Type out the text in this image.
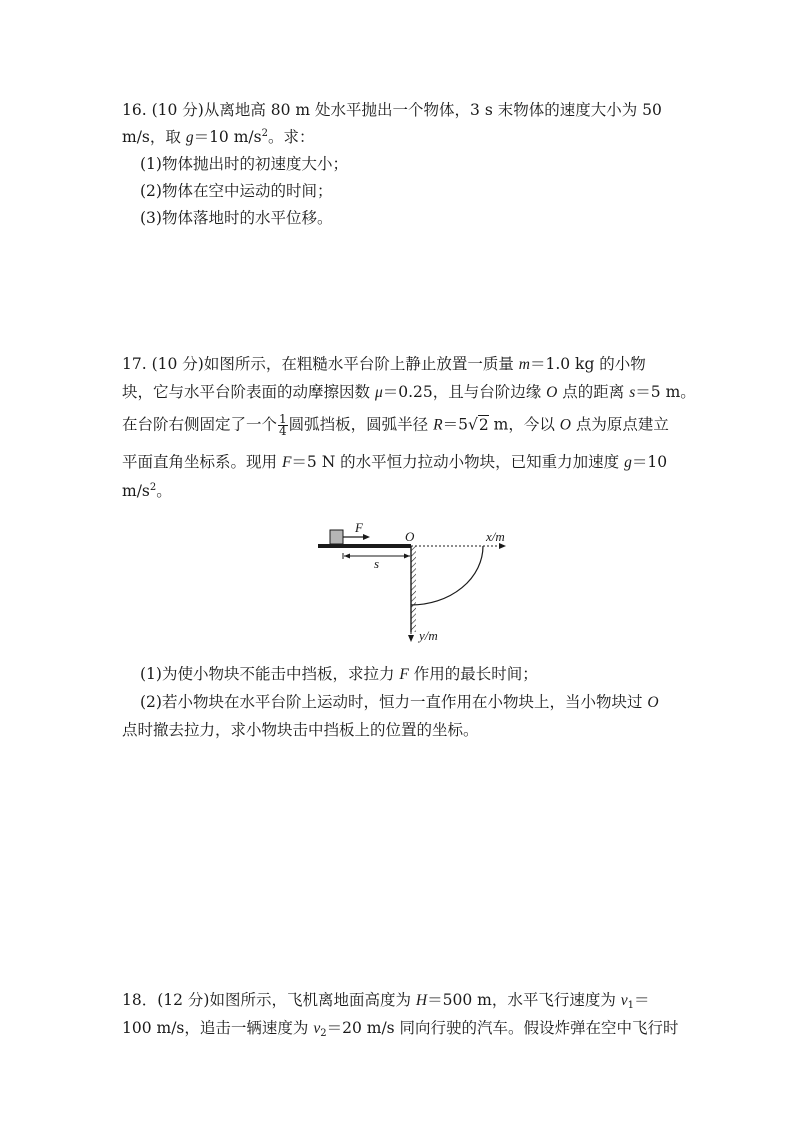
16. (10 分)从离地高 80 m 处水平抛出一个物体，3 s 末物体的速度大小为 50
m/s，取 g＝10 $m/s^2$。求：
(1)物体抛出时的初速度大小；
(2)物体在空中运动的时间；
(3)物体落地时的水平位移。
17. (10 分)如图所示，在粗糙水平台阶上静止放置一质量 m＝1.0 kg 的小物
块，它与水平台阶表面的动摩擦因数 μ＝0.25，且与台阶边缘 O 点的距离 s＝5 m。
在台阶右侧固定了一个 $\frac{1}{4}$ 圆弧挡板，圆弧半径 R＝5√2 m，今以 O 点为原点建立
平面直角坐标系。现用 F＝5 N 的水平恒力拉动小物块，已知重力加速度 g＝10
$m/s^2$。
F
O	x/m
s
y/m
(1)为使小物块不能击中挡板，求拉力 F 作用的最长时间；
(2)若小物块在水平台阶上运动时，恒力一直作用在小物块上，当小物块过 O
点时撤去拉力，求小物块击中挡板上的位置的坐标。
18．(12 分)如图所示，飞机离地面高度为 H＝500 m，水平飞行速度为 $v_1=$
100 m/s，追击一辆速度为 $v_2=20$ m/s 同向行驶的汽车。假设炸弹在空中飞行时
